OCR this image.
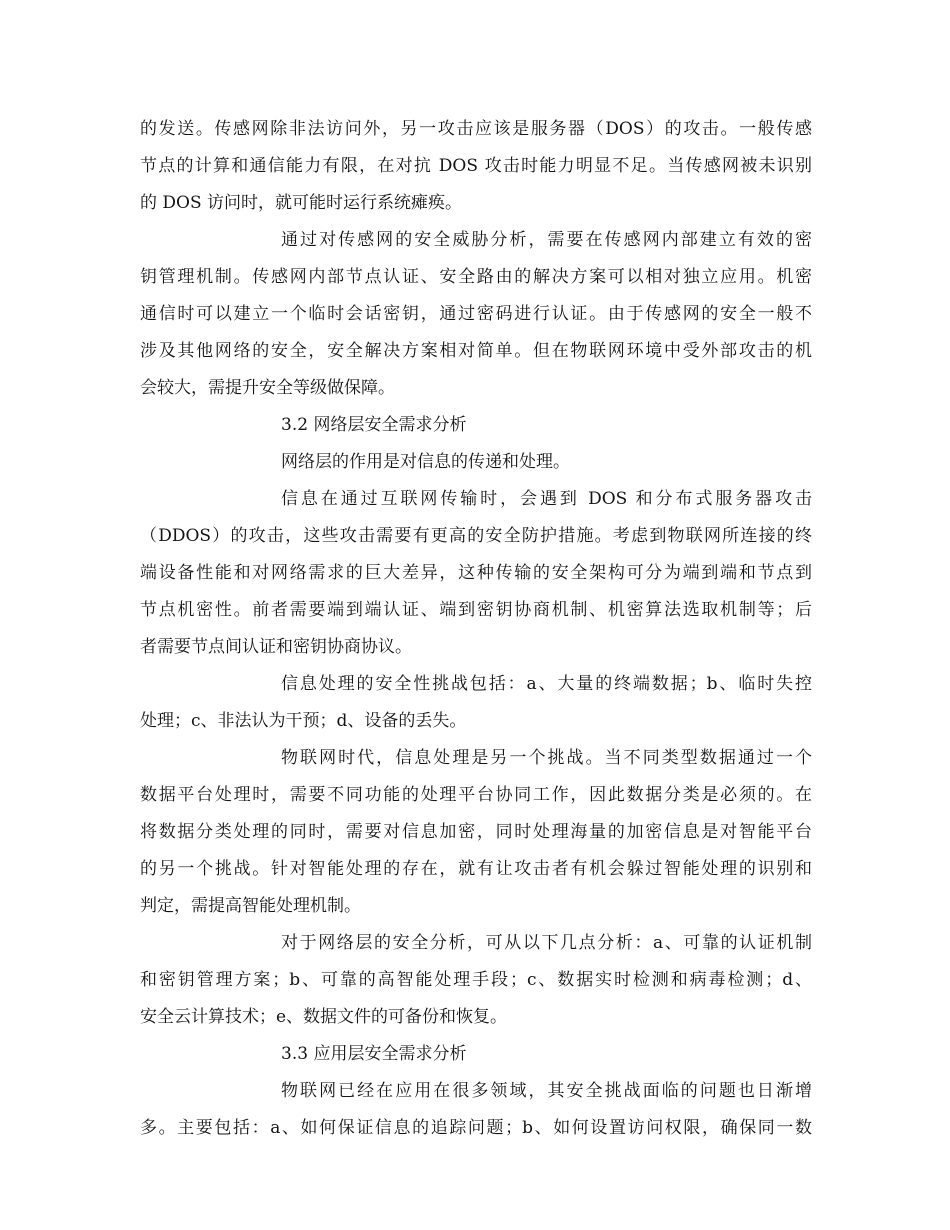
的发送。传感网除非法访问外，另一攻击应该是服务器（DOS）的攻击。一般传感

节点的计算和通信能力有限，在对抗 DOS 攻击时能力明显不足。当传感网被未识别

的 DOS 访问时，就可能时运行系统瘫痪。

通过对传感网的安全威胁分析，需要在传感网内部建立有效的密

钥管理机制。传感网内部节点认证、安全路由的解决方案可以相对独立应用。机密

通信时可以建立一个临时会话密钥，通过密码进行认证。由于传感网的安全一般不

涉及其他网络的安全，安全解决方案相对简单。但在物联网环境中受外部攻击的机

会较大，需提升安全等级做保障。

3.2 网络层安全需求分析

网络层的作用是对信息的传递和处理。

信息在通过互联网传输时，会遇到 DOS 和分布式服务器攻击

（DDOS）的攻击，这些攻击需要有更高的安全防护措施。考虑到物联网所连接的终

端设备性能和对网络需求的巨大差异，这种传输的安全架构可分为端到端和节点到

节点机密性。前者需要端到端认证、端到密钥协商机制、机密算法选取机制等；后

者需要节点间认证和密钥协商协议。

信息处理的安全性挑战包括：a、大量的终端数据；b、临时失控

处理；c、非法认为干预；d、设备的丢失。

物联网时代，信息处理是另一个挑战。当不同类型数据通过一个

数据平台处理时，需要不同功能的处理平台协同工作，因此数据分类是必须的。在

将数据分类处理的同时，需要对信息加密，同时处理海量的加密信息是对智能平台

的另一个挑战。针对智能处理的存在，就有让攻击者有机会躲过智能处理的识别和

判定，需提高智能处理机制。

对于网络层的安全分析，可从以下几点分析：a、可靠的认证机制

和密钥管理方案；b、可靠的高智能处理手段；c、数据实时检测和病毒检测；d、

安全云计算技术；e、数据文件的可备份和恢复。

3.3 应用层安全需求分析

物联网已经在应用在很多领域，其安全挑战面临的问题也日渐增

多。主要包括：a、如何保证信息的追踪问题；b、如何设置访问权限，确保同一数
